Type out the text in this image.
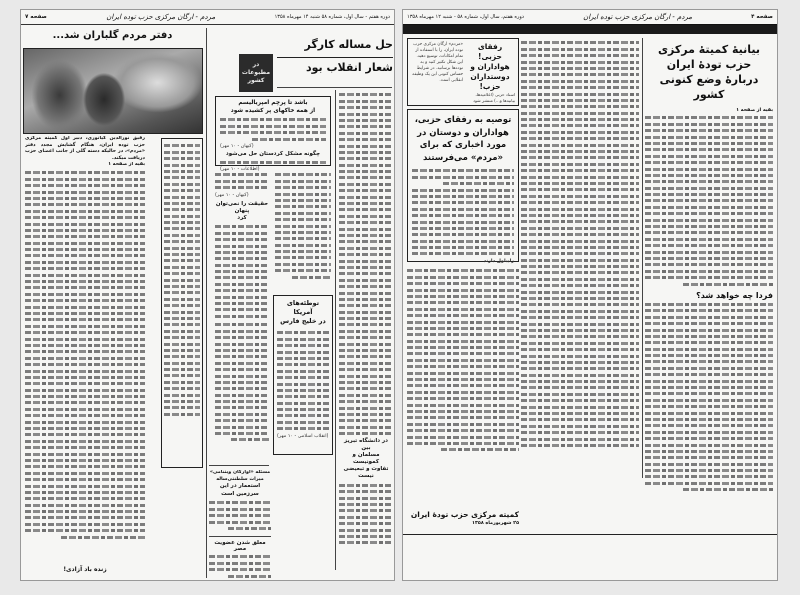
صفحه ۴
مردم - ارگان مرکزی حزب توده ایران
دوره هفتم، سال اول، شماره ۵۸ - شنبه ۱۲ مهرماه ۱۳۵۸
بیانیهٔ کمیتهٔ مرکزی
حزب تودهٔ ایران
دربارهٔ وضع کنونی کشور
بقیه از صفحه ۱
فردا چه خواهد شد؟
رفقای حزبی!
هواداران و
دوستداران
حزب!
«مردم» ارگان مرکزی حزب توده ایران، را با استفاده از تمام امکانات، توسیع دهید. این شکل تکثیر کنید و به توده‌ها برسانید. در شرایط حساس کنونی این یک وظیفه انقلابی است.
اسناد حزبی (اعلامیه‌ها، بیانیه‌ها و...) منتشر شود
توصیه به رفقای حزبی،
هواداران و دوستان در
مورد اخباری که برای
«مردم» می‌فرستند
راپیلول دارند
کمیته مرکزی حزب تودهٔ ایران
۲۵ شهریورماه ۱۳۵۸
دوره هفتم - سال اول، شماره ۵۸ شنبه ۱۴ مهرماه ۱۳۵۸
مردم - ارگان مرکزی حزب توده ایران
صفحه ۷
دفتر مردم گلباران شد...
رفیق نورالدین کیانوری، دبیر اول کمیته مرکزی حزب توده ایران، هنگام گشایش مجدد دفتر «مردم»، در حالیکه دسته گلی از جانب اعضای حزب دریافت میکند.
بقیه از صفحه ۱
زنده باد آزادی!
در
مطبوعات
کشور
حل مساله کارگر
شعار انقلاب بود
در دانشگاه تبریز بین
مسلمان و کمونیست
تفاوت و تبعیضی نیست
باشد تا پرچم امپریالیسم
از همه خاکهای پر کشیده شود
(کیهان - ۱۰ مهر)
چگونه مشکل کردستان حل می‌شود
(اطلاعات - ۱۰ مهر)
(کیهان - ۱۰ مهر)
حقیقت را نمی‌توان پنهان
کرد
توطئه‌های
آمریکا
در خلیج فارس
(انقلاب اسلامی - ۱۰ مهر)
مسئله «آوارگان ویتنامی» میراث سلطنتی‌ساله
استعمار در این سرزمین است
معلق شدن عضویت مصر
